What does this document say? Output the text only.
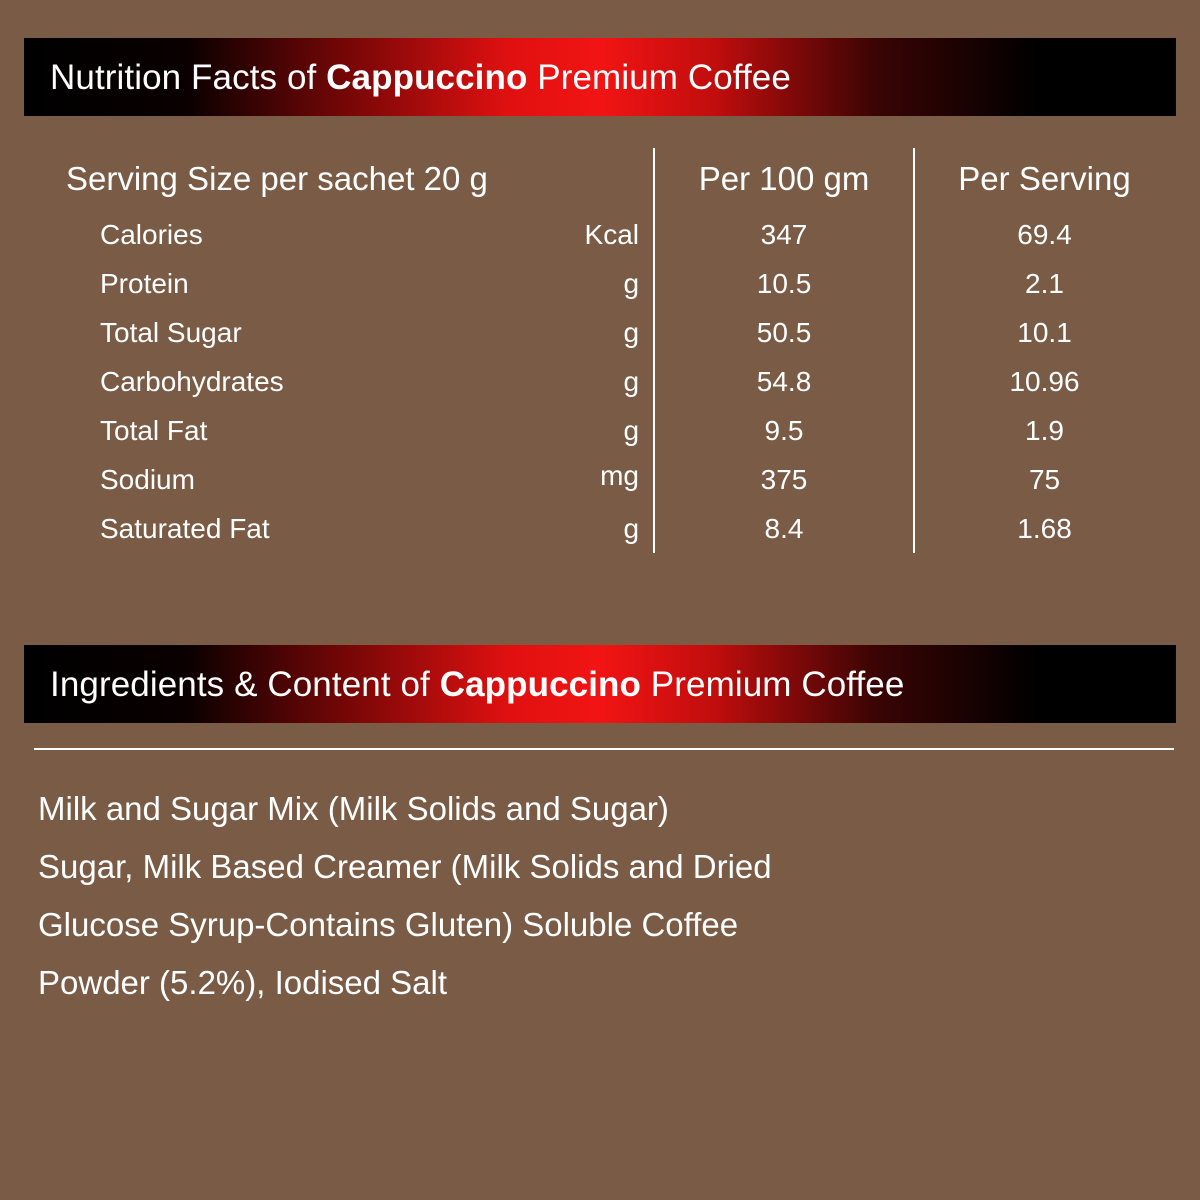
Nutrition Facts of Cappuccino Premium Coffee
Serving Size per sachet 20 g		Per 100 gm	Per Serving
Calories	Kcal	347	69.4
Protein	g	10.5	2.1
Total Sugar	g	50.5	10.1
Carbohydrates	g	54.8	10.96
Total Fat	g	9.5	1.9
Sodium	mg	375	75
Saturated Fat	g	8.4	1.68
Ingredients & Content of Cappuccino Premium Coffee
Milk and Sugar Mix (Milk Solids and Sugar)
Sugar, Milk Based Creamer (Milk Solids and Dried
Glucose Syrup-Contains Gluten) Soluble Coffee
Powder (5.2%), Iodised Salt
